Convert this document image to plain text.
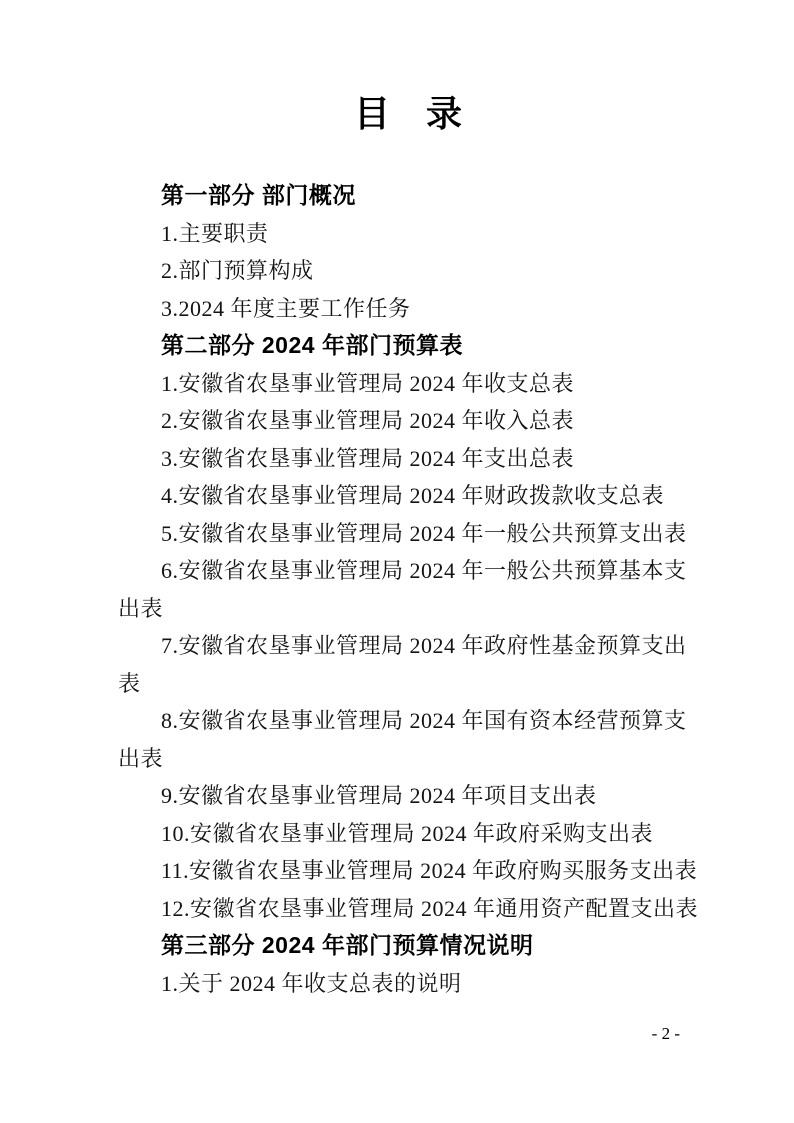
目　录
第一部分 部门概况
1.主要职责
2.部门预算构成
3.2024 年度主要工作任务
第二部分 2024 年部门预算表
1.安徽省农垦事业管理局 2024 年收支总表
2.安徽省农垦事业管理局 2024 年收入总表
3.安徽省农垦事业管理局 2024 年支出总表
4.安徽省农垦事业管理局 2024 年财政拨款收支总表
5.安徽省农垦事业管理局 2024 年一般公共预算支出表
6.安徽省农垦事业管理局 2024 年一般公共预算基本支
出表
7.安徽省农垦事业管理局 2024 年政府性基金预算支出
表
8.安徽省农垦事业管理局 2024 年国有资本经营预算支
出表
9.安徽省农垦事业管理局 2024 年项目支出表
10.安徽省农垦事业管理局 2024 年政府采购支出表
11.安徽省农垦事业管理局 2024 年政府购买服务支出表
12.安徽省农垦事业管理局 2024 年通用资产配置支出表
第三部分 2024 年部门预算情况说明
1.关于 2024 年收支总表的说明
- 2 -
